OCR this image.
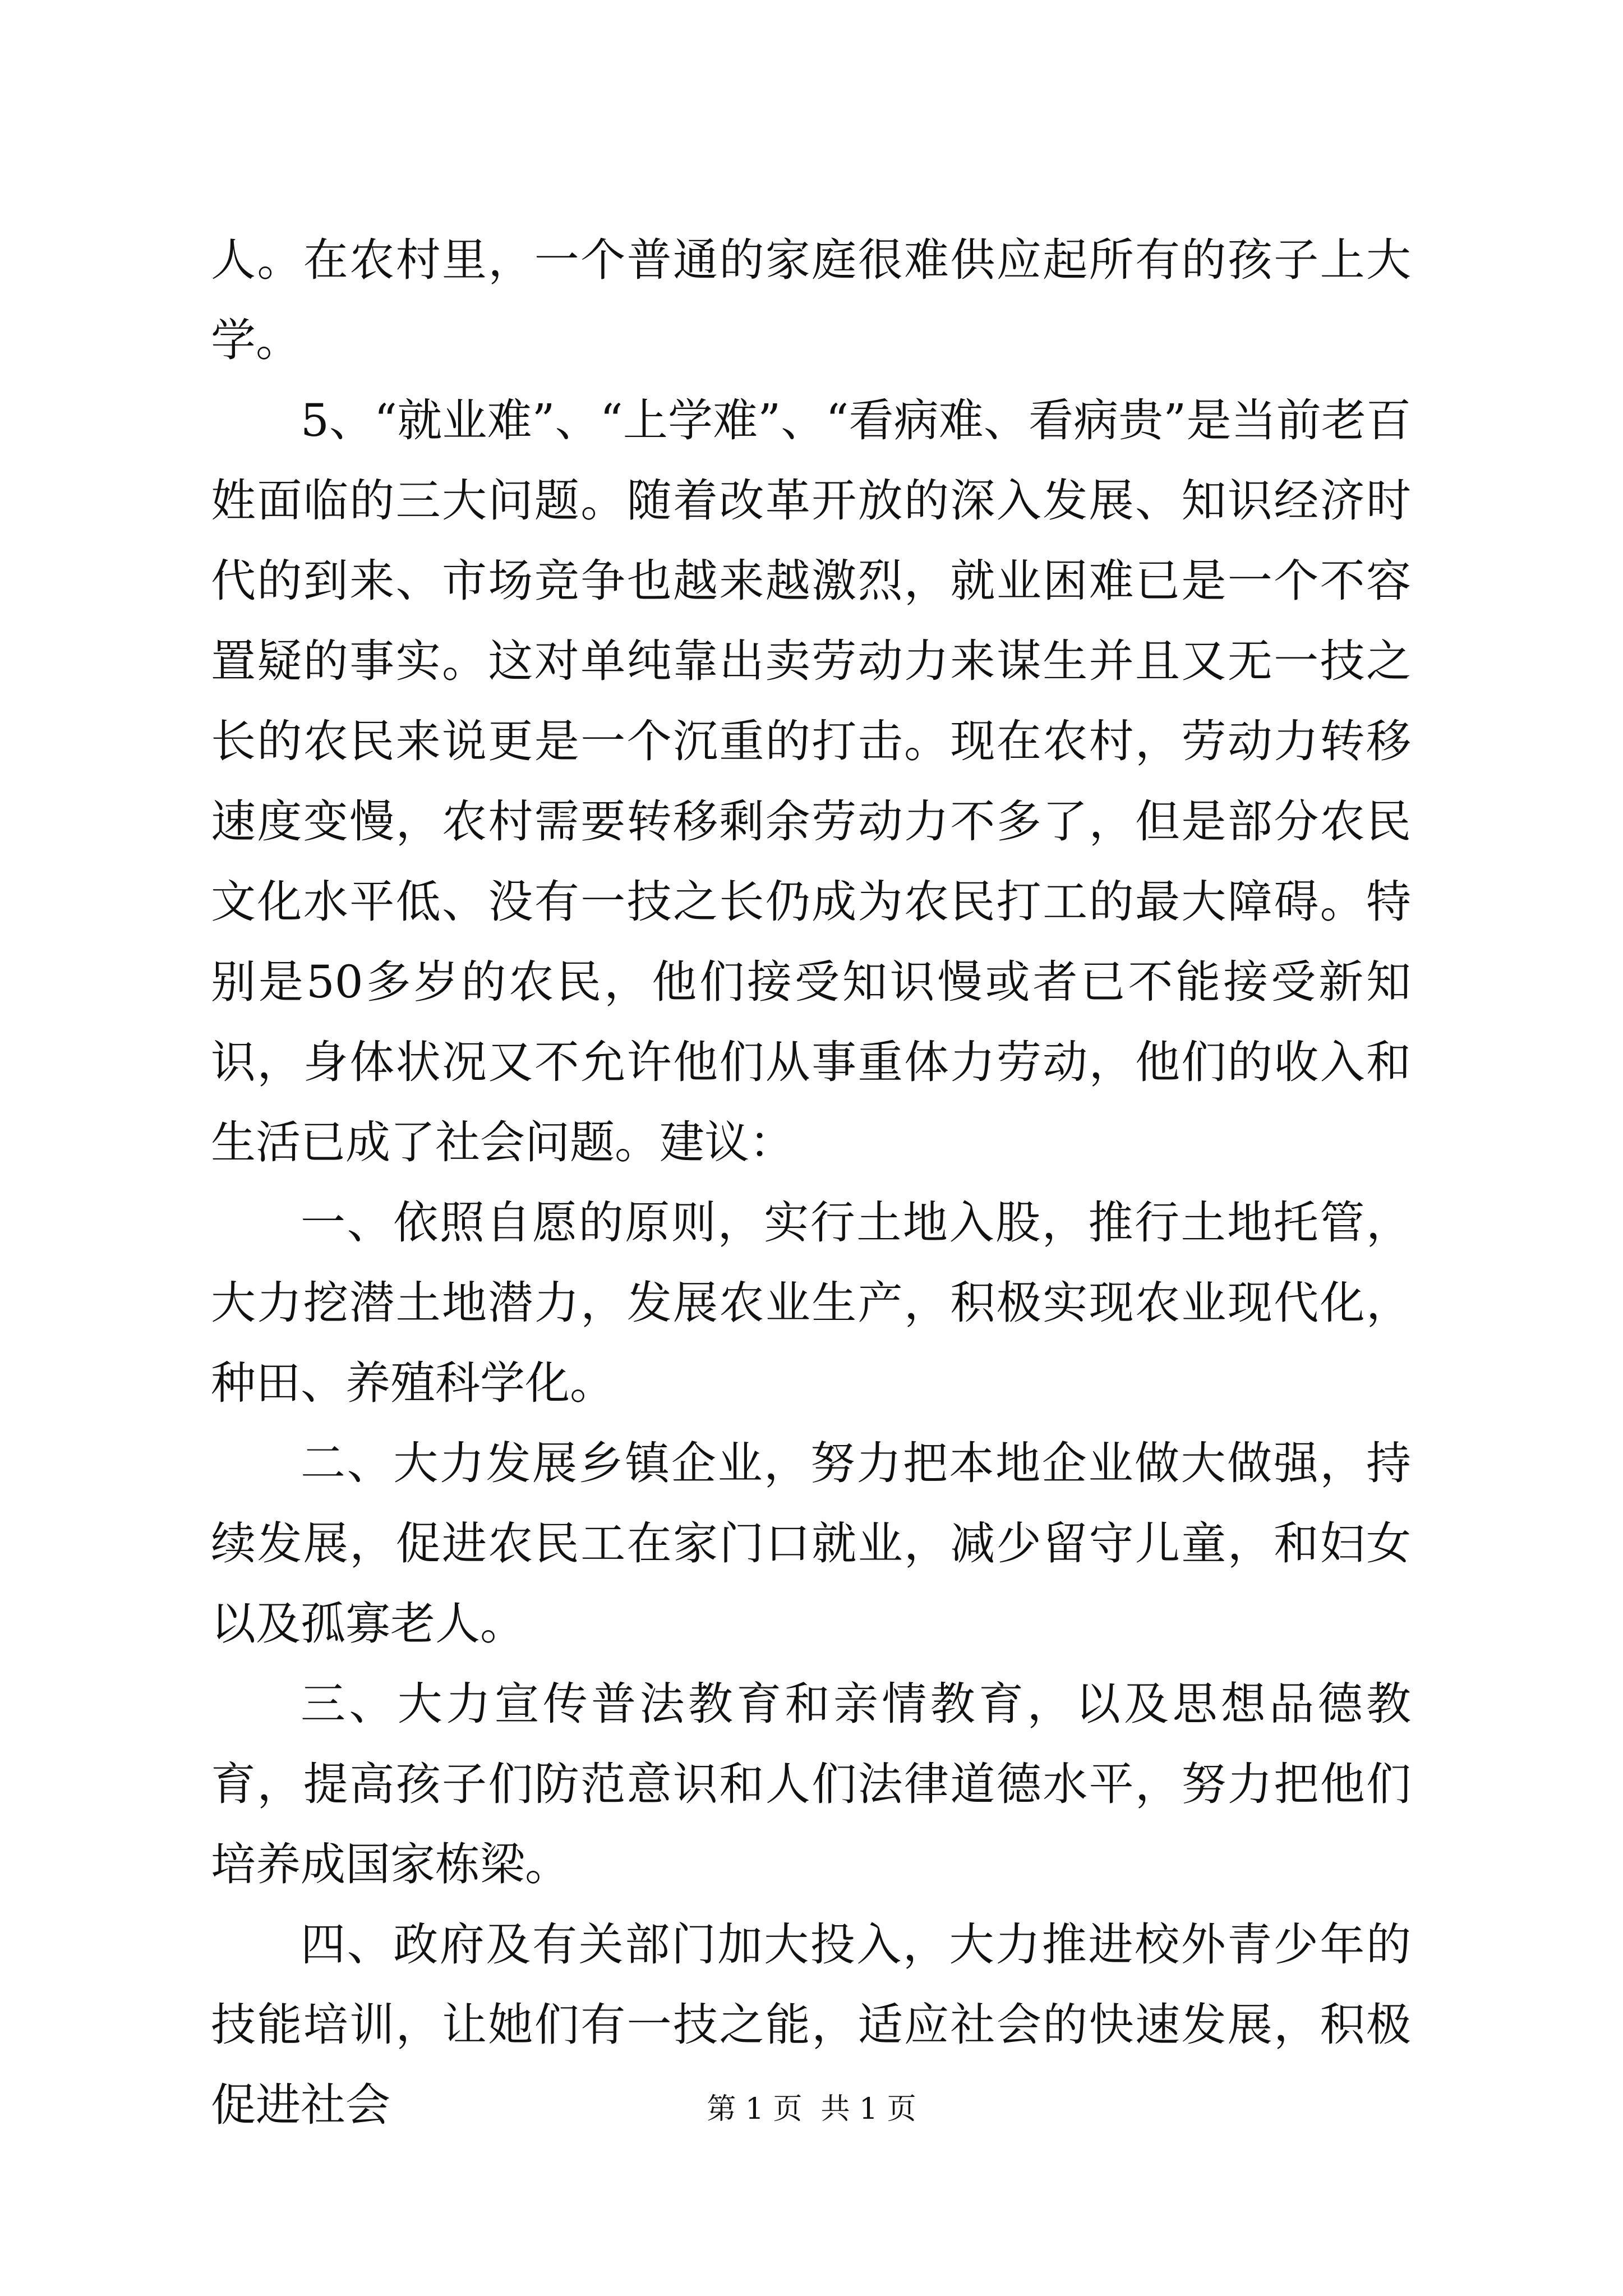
人。在农村里，一个普通的家庭很难供应起所有的孩子上大学。

5、“就业难”、“上学难”、“看病难、看病贵”是当前老百姓面临的三大问题。随着改革开放的深入发展、知识经济时代的到来、市场竞争也越来越激烈，就业困难已是一个不容置疑的事实。这对单纯靠出卖劳动力来谋生并且又无一技之长的农民来说更是一个沉重的打击。现在农村，劳动力转移速度变慢，农村需要转移剩余劳动力不多了，但是部分农民文化水平低、没有一技之长仍成为农民打工的最大障碍。特别是50多岁的农民，他们接受知识慢或者已不能接受新知识，身体状况又不允许他们从事重体力劳动，他们的收入和生活已成了社会问题。建议：

一、依照自愿的原则，实行土地入股，推行土地托管，大力挖潜土地潜力，发展农业生产，积极实现农业现代化，种田、养殖科学化。

二、大力发展乡镇企业，努力把本地企业做大做强，持续发展，促进农民工在家门口就业，减少留守儿童，和妇女以及孤寡老人。

三、大力宣传普法教育和亲情教育，以及思想品德教育，提高孩子们防范意识和人们法律道德水平，努力把他们培养成国家栋梁。

四、政府及有关部门加大投入，大力推进校外青少年的技能培训，让她们有一技之能，适应社会的快速发展，积极促进社会	第 1 页  共 1 页
